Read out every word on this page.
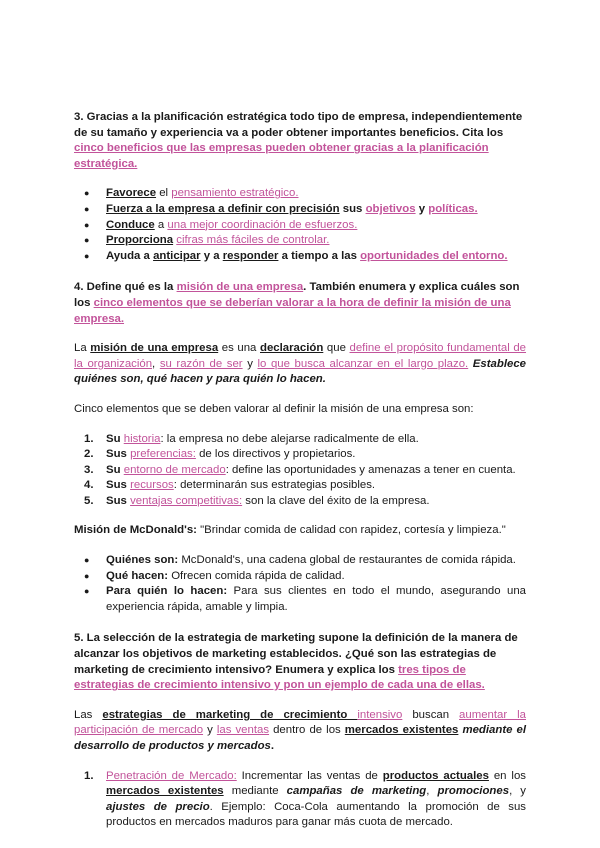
3. Gracias a la planificación estratégica todo tipo de empresa, independientemente de su tamaño y experiencia va a poder obtener importantes beneficios. Cita los cinco beneficios que las empresas pueden obtener gracias a la planificación estratégica.

● Favorece el pensamiento estratégico.
● Fuerza a la empresa a definir con precisión sus objetivos y políticas.
● Conduce a una mejor coordinación de esfuerzos.
● Proporciona cifras más fáciles de controlar.
● Ayuda a anticipar y a responder a tiempo a las oportunidades del entorno.

4. Define qué es la misión de una empresa. También enumera y explica cuáles son los cinco elementos que se deberían valorar a la hora de definir la misión de una empresa.

La misión de una empresa es una declaración que define el propósito fundamental de la organización, su razón de ser y lo que busca alcanzar en el largo plazo. Establece quiénes son, qué hacen y para quién lo hacen.

Cinco elementos que se deben valorar al definir la misión de una empresa son:

1. Su historia: la empresa no debe alejarse radicalmente de ella.
2. Sus preferencias: de los directivos y propietarios.
3. Su entorno de mercado: define las oportunidades y amenazas a tener en cuenta.
4. Sus recursos: determinarán sus estrategias posibles.
5. Sus ventajas competitivas: son la clave del éxito de la empresa.

Misión de McDonald's: "Brindar comida de calidad con rapidez, cortesía y limpieza."

● Quiénes son: McDonald's, una cadena global de restaurantes de comida rápida.
● Qué hacen: Ofrecen comida rápida de calidad.
● Para quién lo hacen: Para sus clientes en todo el mundo, asegurando una experiencia rápida, amable y limpia.

5. La selección de la estrategia de marketing supone la definición de la manera de alcanzar los objetivos de marketing establecidos. ¿Qué son las estrategias de marketing de crecimiento intensivo? Enumera y explica los tres tipos de estrategias de crecimiento intensivo y pon un ejemplo de cada una de ellas.

Las estrategias de marketing de crecimiento intensivo buscan aumentar la participación de mercado y las ventas dentro de los mercados existentes mediante el desarrollo de productos y mercados.

1. Penetración de Mercado: Incrementar las ventas de productos actuales en los mercados existentes mediante campañas de marketing, promociones, y ajustes de precio. Ejemplo: Coca-Cola aumentando la promoción de sus productos en mercados maduros para ganar más cuota de mercado.
